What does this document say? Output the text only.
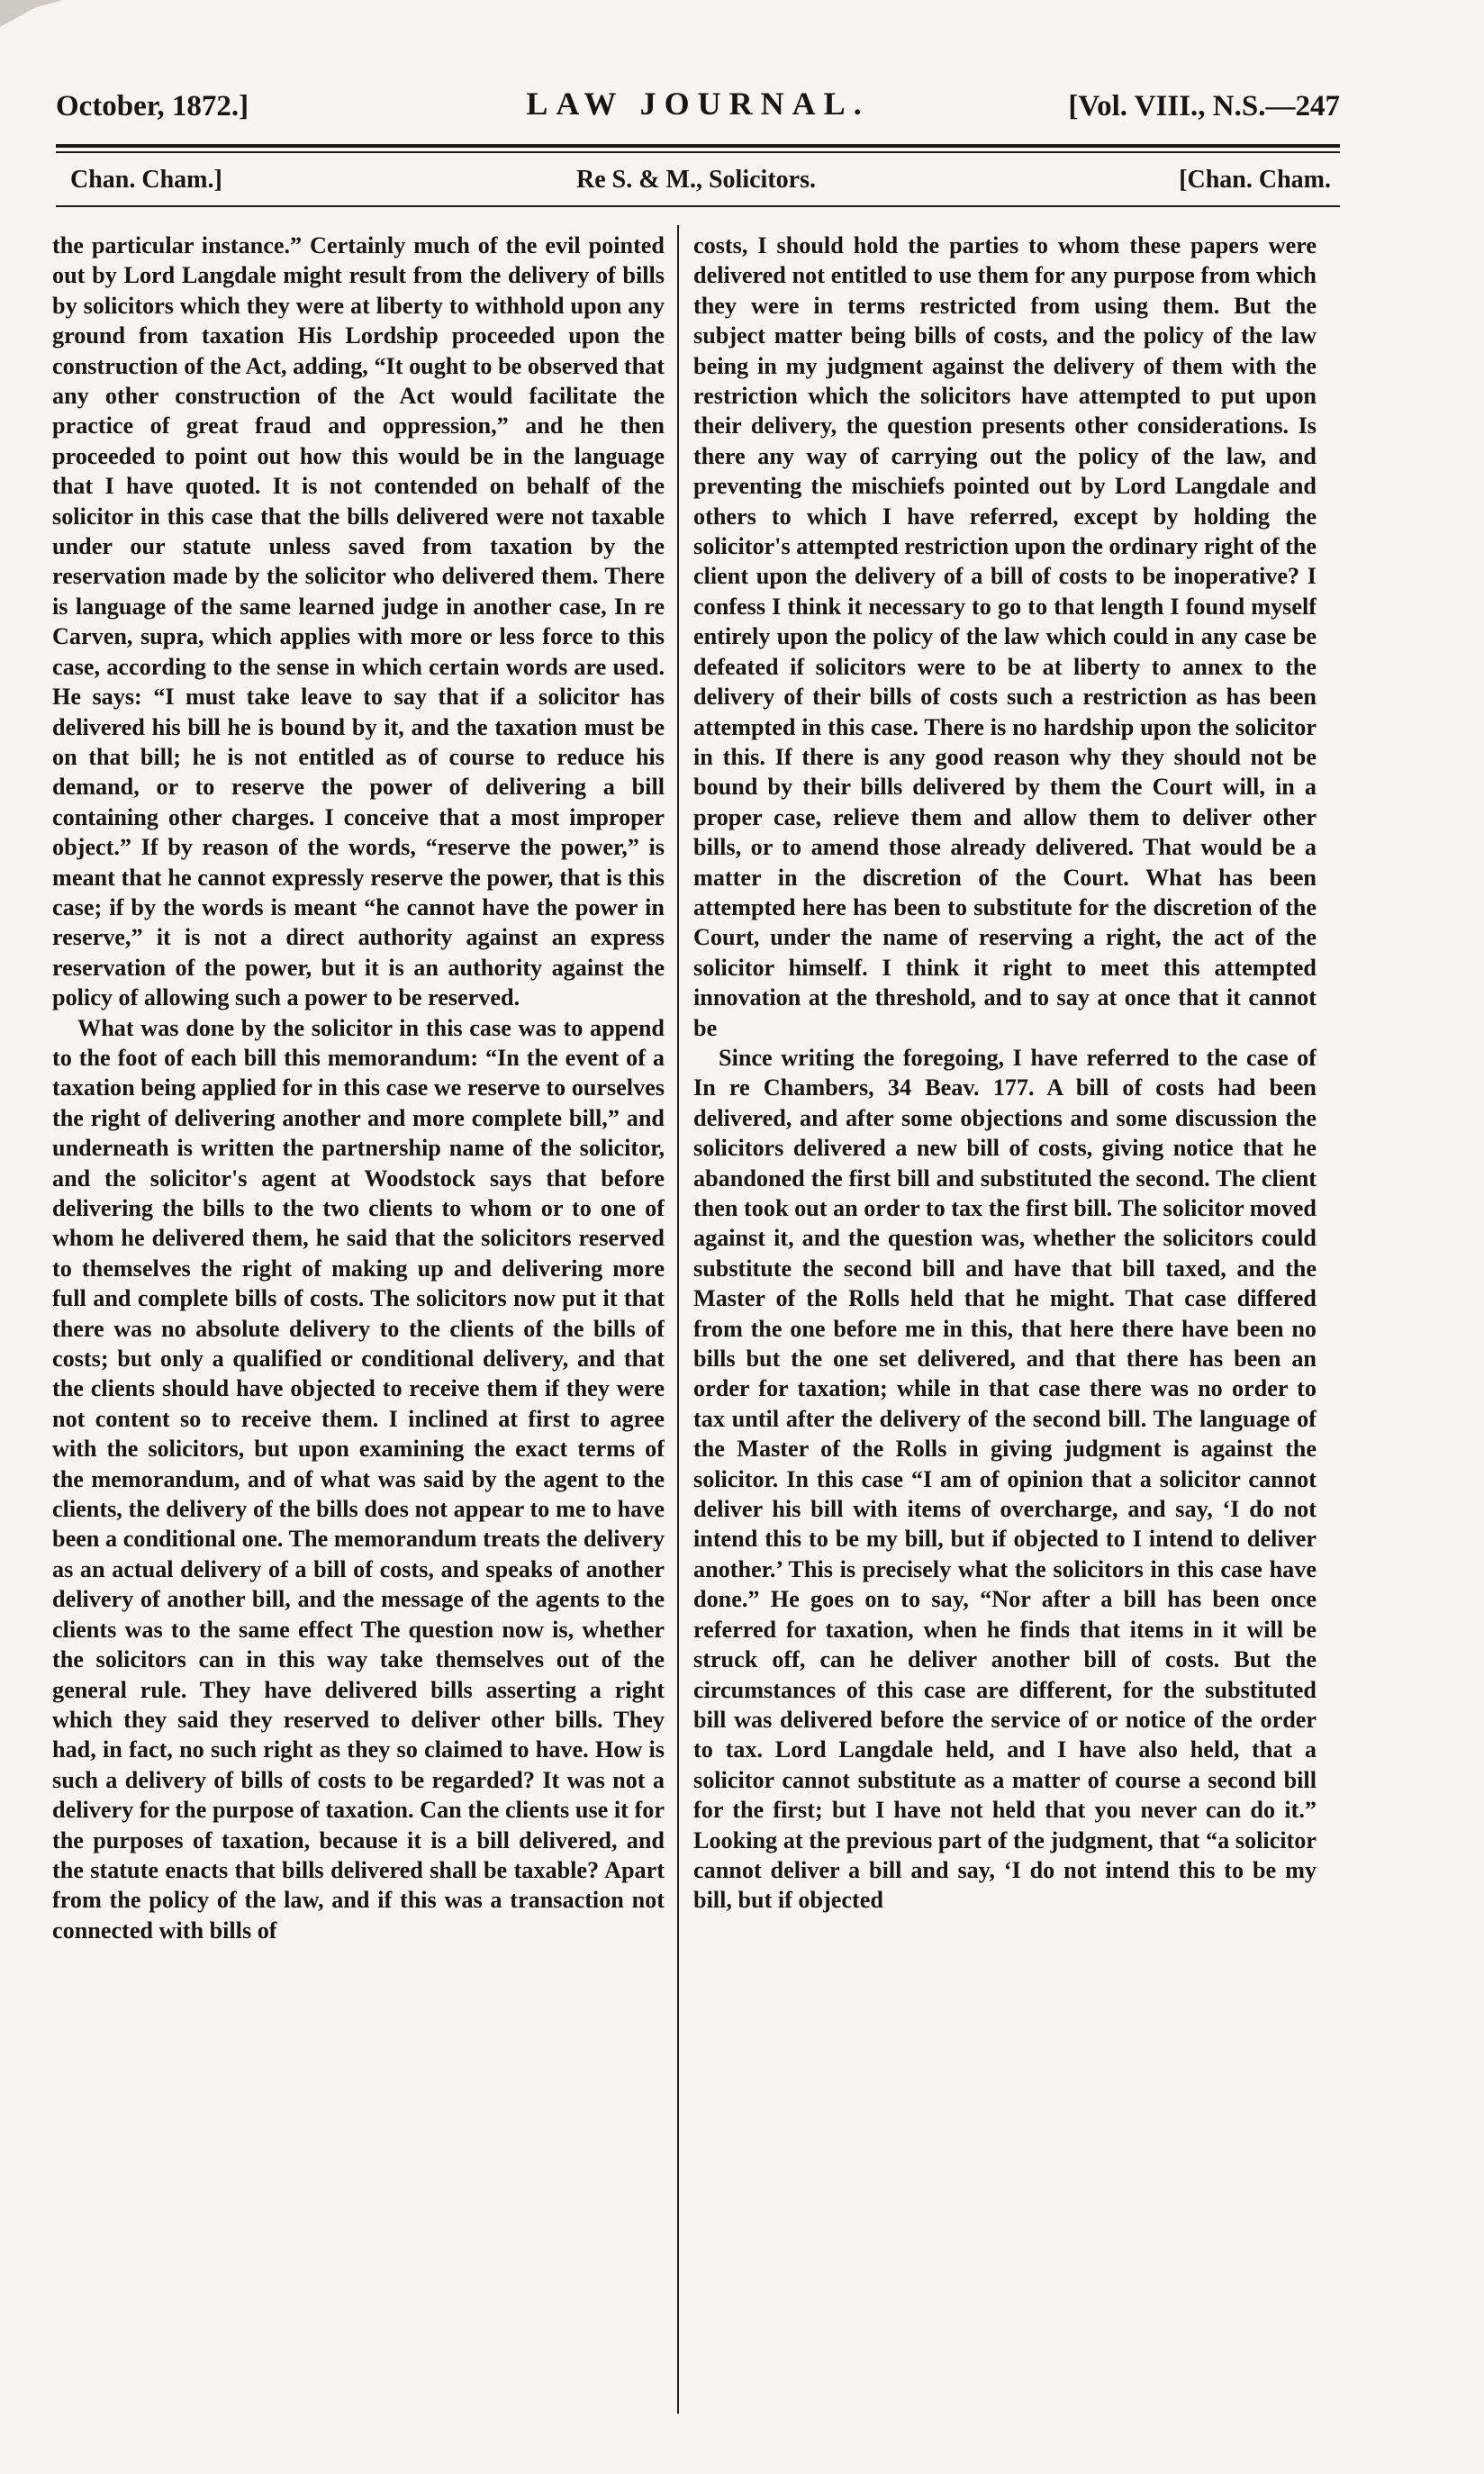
October, 1872.]	LAW JOURNAL.	[Vol. VIII., N.S.—247
Chan. Cham.]	Re S. & M., Solicitors.	[Chan. Cham.

the particular instance.” Certainly much of the evil pointed out by Lord Langdale might result from the delivery of bills by solicitors which they were at liberty to withhold upon any ground from taxation His Lordship proceeded upon the construction of the Act, adding, “It ought to be observed that any other construction of the Act would facilitate the practice of great fraud and oppression,” and he then proceeded to point out how this would be in the language that I have quoted. It is not contended on behalf of the solicitor in this case that the bills delivered were not taxable under our statute unless saved from taxation by the reservation made by the solicitor who delivered them. There is language of the same learned judge in another case, In re Carven, supra, which applies with more or less force to this case, according to the sense in which certain words are used. He says: “I must take leave to say that if a solicitor has delivered his bill he is bound by it, and the taxation must be on that bill; he is not entitled as of course to reduce his demand, or to reserve the power of delivering a bill containing other charges. I conceive that a most improper object.” If by reason of the words, “reserve the power,” is meant that he cannot expressly reserve the power, that is this case; if by the words is meant “he cannot have the power in reserve,” it is not a direct authority against an express reservation of the power, but it is an authority against the policy of allowing such a power to be reserved.

What was done by the solicitor in this case was to append to the foot of each bill this memorandum: “In the event of a taxation being applied for in this case we reserve to ourselves the right of delivering another and more complete bill,” and underneath is written the partnership name of the solicitor, and the solicitor's agent at Woodstock says that before delivering the bills to the two clients to whom or to one of whom he delivered them, he said that the solicitors reserved to themselves the right of making up and delivering more full and complete bills of costs. The solicitors now put it that there was no absolute delivery to the clients of the bills of costs; but only a qualified or conditional delivery, and that the clients should have objected to receive them if they were not content so to receive them. I inclined at first to agree with the solicitors, but upon examining the exact terms of the memorandum, and of what was said by the agent to the clients, the delivery of the bills does not appear to me to have been a conditional one. The memorandum treats the delivery as an actual delivery of a bill of costs, and speaks of another delivery of another bill, and the message of the agents to the clients was to the same effect The question now is, whether the solicitors can in this way take themselves out of the general rule. They have delivered bills asserting a right which they said they reserved to deliver other bills. They had, in fact, no such right as they so claimed to have. How is such a delivery of bills of costs to be regarded? It was not a delivery for the purpose of taxation. Can the clients use it for the purposes of taxation, because it is a bill delivered, and the statute enacts that bills delivered shall be taxable? Apart from the policy of the law, and if this was a transaction not connected with bills of

costs, I should hold the parties to whom these papers were delivered not entitled to use them for any purpose from which they were in terms restricted from using them. But the subject matter being bills of costs, and the policy of the law being in my judgment against the delivery of them with the restriction which the solicitors have attempted to put upon their delivery, the question presents other considerations. Is there any way of carrying out the policy of the law, and preventing the mischiefs pointed out by Lord Langdale and others to which I have referred, except by holding the solicitor's attempted restriction upon the ordinary right of the client upon the delivery of a bill of costs to be inoperative? I confess I think it necessary to go to that length I found myself entirely upon the policy of the law which could in any case be defeated if solicitors were to be at liberty to annex to the delivery of their bills of costs such a restriction as has been attempted in this case. There is no hardship upon the solicitor in this. If there is any good reason why they should not be bound by their bills delivered by them the Court will, in a proper case, relieve them and allow them to deliver other bills, or to amend those already delivered. That would be a matter in the discretion of the Court. What has been attempted here has been to substitute for the discretion of the Court, under the name of reserving a right, the act of the solicitor himself. I think it right to meet this attempted innovation at the threshold, and to say at once that it cannot be

Since writing the foregoing, I have referred to the case of In re Chambers, 34 Beav. 177. A bill of costs had been delivered, and after some objections and some discussion the solicitors delivered a new bill of costs, giving notice that he abandoned the first bill and substituted the second. The client then took out an order to tax the first bill. The solicitor moved against it, and the question was, whether the solicitors could substitute the second bill and have that bill taxed, and the Master of the Rolls held that he might. That case differed from the one before me in this, that here there have been no bills but the one set delivered, and that there has been an order for taxation; while in that case there was no order to tax until after the delivery of the second bill. The language of the Master of the Rolls in giving judgment is against the solicitor. In this case “I am of opinion that a solicitor cannot deliver his bill with items of overcharge, and say, ‘I do not intend this to be my bill, but if objected to I intend to deliver another.’ This is precisely what the solicitors in this case have done.” He goes on to say, “Nor after a bill has been once referred for taxation, when he finds that items in it will be struck off, can he deliver another bill of costs. But the circumstances of this case are different, for the substituted bill was delivered before the service of or notice of the order to tax. Lord Langdale held, and I have also held, that a solicitor cannot substitute as a matter of course a second bill for the first; but I have not held that you never can do it.” Looking at the previous part of the judgment, that “a solicitor cannot deliver a bill and say, ‘I do not intend this to be my bill, but if objected
